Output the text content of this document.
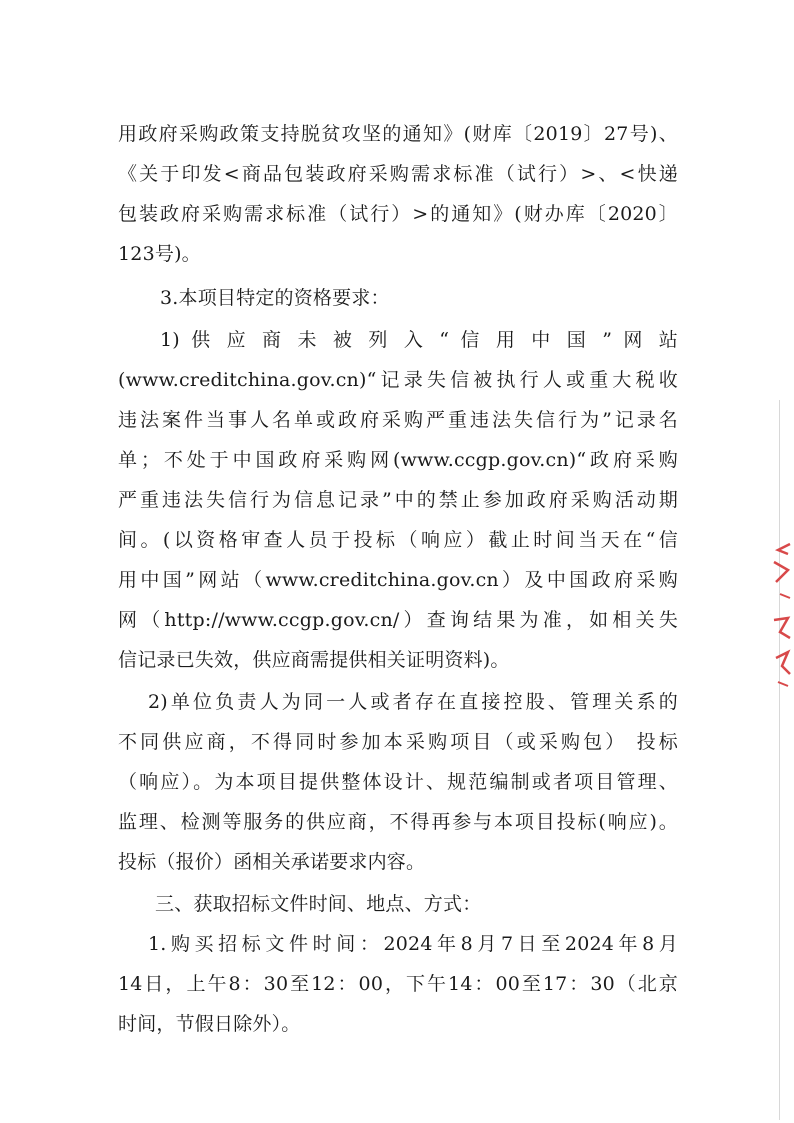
用政府采购政策支持脱贫攻坚的通知》(财库〔2019〕27号)、
《关于印发<商品包装政府采购需求标准（试行）>、<快递
包装政府采购需求标准（试行）>的通知》(财办库〔2020〕
123号)。
3.本项目特定的资格要求：
1) 供 应 商 未 被 列 入 “ 信 用 中 国 ” 网 站
(www.creditchina.gov.cn)“记录失信被执行人或重大税收
违法案件当事人名单或政府采购严重违法失信行为”记录名
单；不处于中国政府采购网(www.ccgp.gov.cn)“政府采购
严重违法失信行为信息记录”中的禁止参加政府采购活动期
间。(以资格审查人员于投标（响应）截止时间当天在“信
用中国”网站（www.creditchina.gov.cn）及中国政府采购
网（http://www.ccgp.gov.cn/）查询结果为准，如相关失
信记录已失效，供应商需提供相关证明资料)。
2)单位负责人为同一人或者存在直接控股、管理关系的
不同供应商，不得同时参加本采购项目（或采购包） 投标
（响应）。为本项目提供整体设计、规范编制或者项目管理、
监理、检测等服务的供应商，不得再参与本项目投标(响应)。
投标（报价）函相关承诺要求内容。
三、获取招标文件时间、地点、方式：
1.购买招标文件时间：2024年8月7日至2024年8月
14日，上午8：30至12：00，下午14：00至17：30（北京
时间，节假日除外）。
